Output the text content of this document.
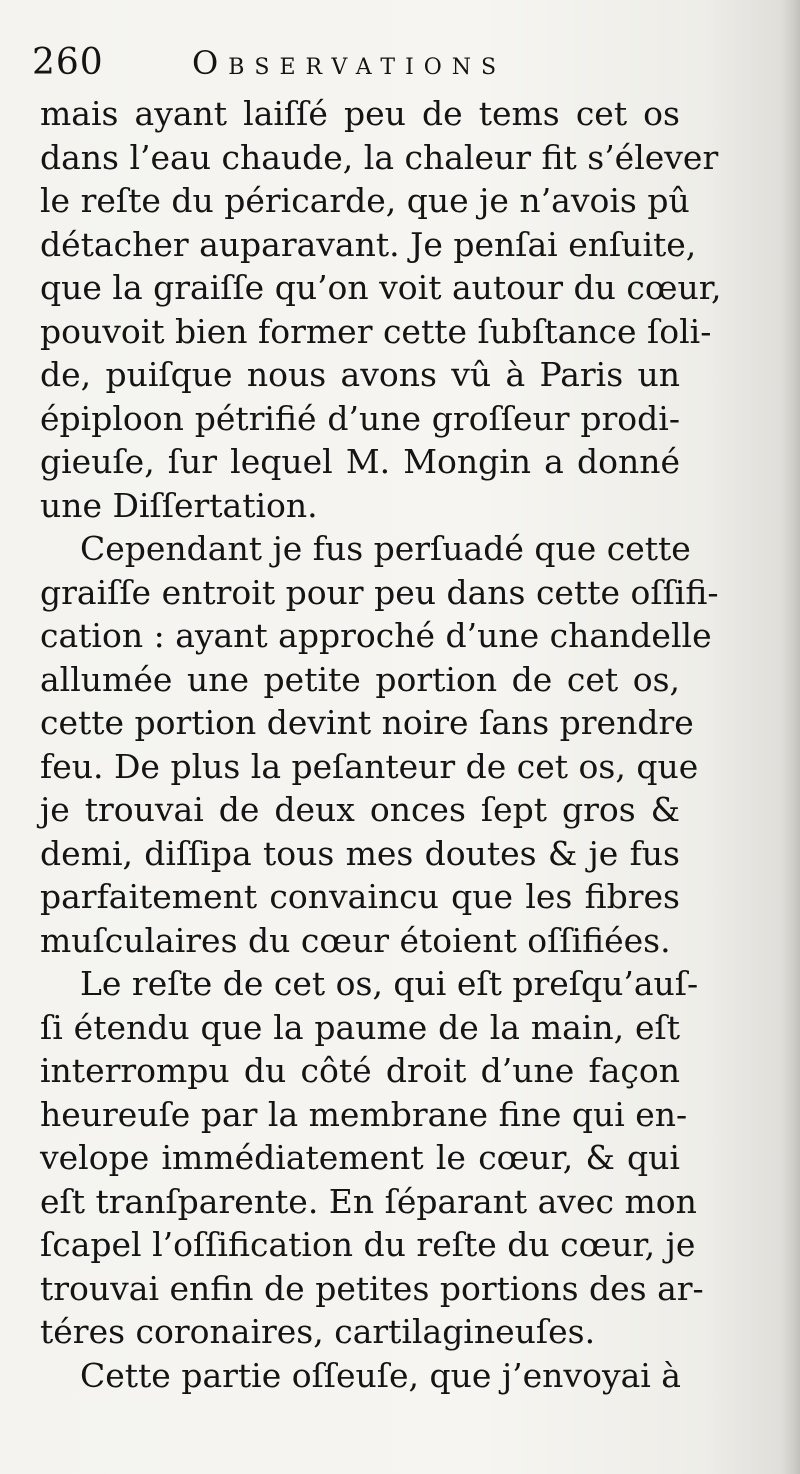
260	Observations
mais ayant laiſſé peu de tems cet os
dans l’eau chaude, la chaleur fit s’élever
le reſte du péricarde, que je n’avois pû
détacher auparavant. Je penſai enſuite,
que la graiſſe qu’on voit autour du cœur,
pouvoit bien former cette ſubſtance ſoli-
de, puiſque nous avons vû à Paris un
épiploon pétrifié d’une groſſeur prodi-
gieuſe, ſur lequel M. Mongin a donné
une Diſſertation.
Cependant je fus perſuadé que cette
graiſſe entroit pour peu dans cette oſſifi-
cation : ayant approché d’une chandelle
allumée une petite portion de cet os,
cette portion devint noire ſans prendre
feu. De plus la peſanteur de cet os, que
je trouvai de deux onces ſept gros &
demi, diſſipa tous mes doutes & je fus
parfaitement convaincu que les fibres
muſculaires du cœur étoient oſſifiées.
Le reſte de cet os, qui eſt preſqu’auſ-
ſi étendu que la paume de la main, eſt
interrompu du côté droit d’une façon
heureuſe par la membrane fine qui en-
velope immédiatement le cœur, & qui
eſt tranſparente. En ſéparant avec mon
ſcapel l’oſſification du reſte du cœur, je
trouvai enfin de petites portions des ar-
téres coronaires, cartilagineuſes.
Cette partie oſſeuſe, que j’envoyai à
